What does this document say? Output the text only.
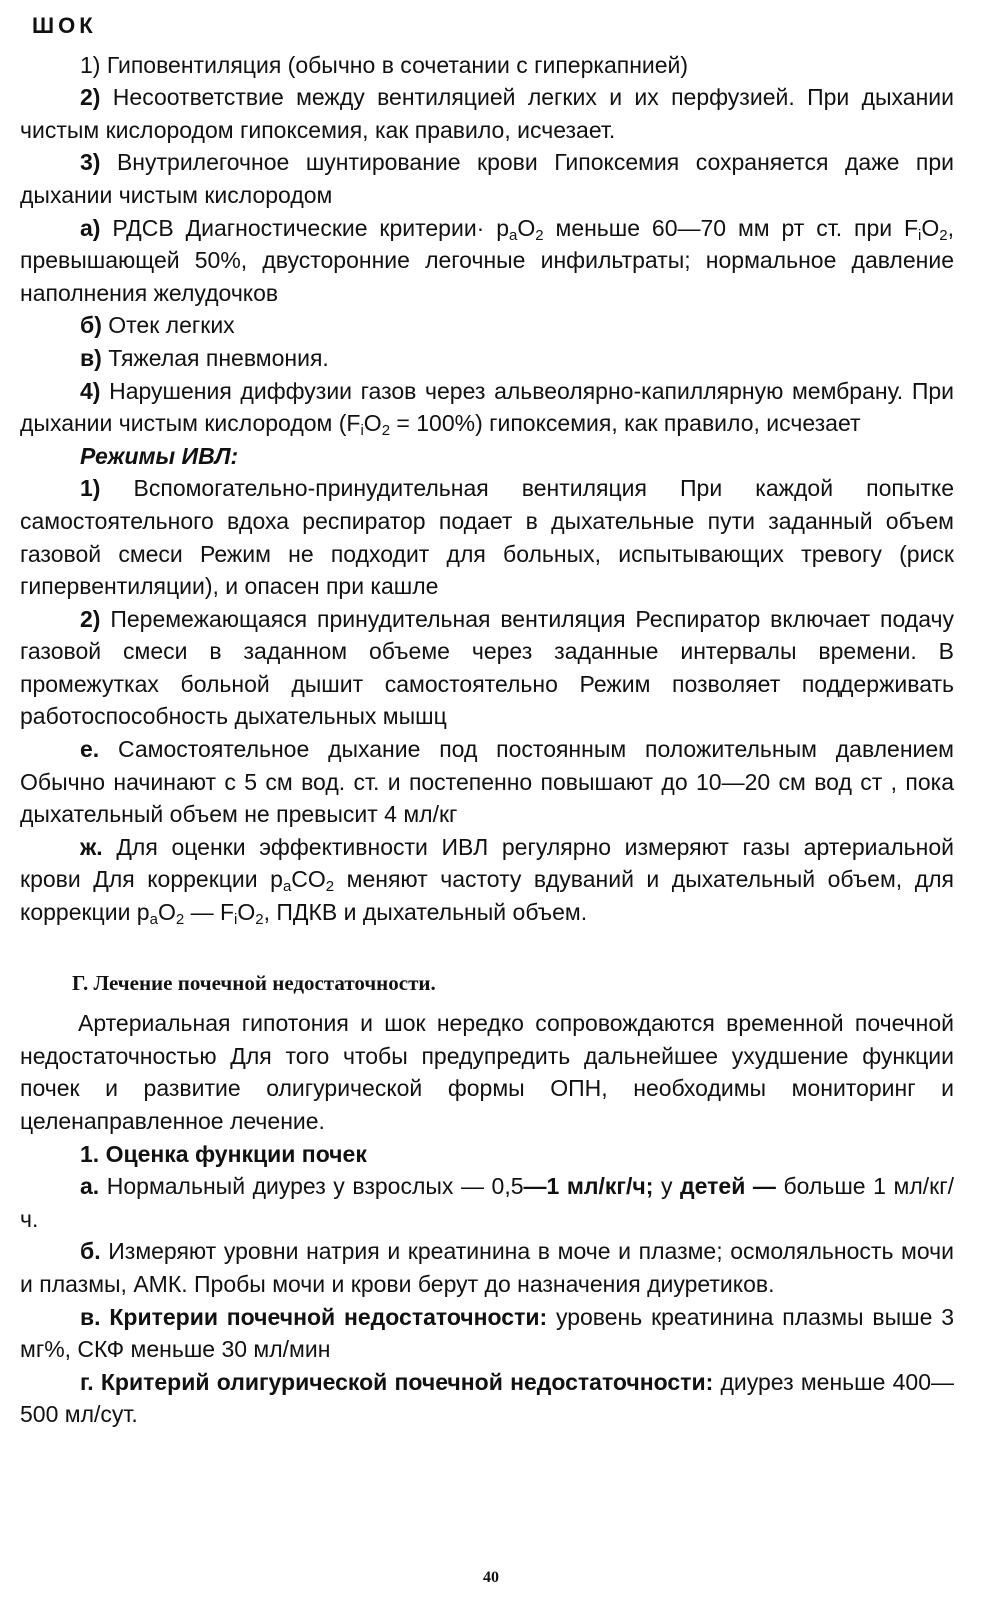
ШОК

1) Гиповентиляция (обычно в сочетании с гиперкапнией)

2) Несоответствие между вентиляцией легких и их перфузией. При дыхании чистым кислородом гипоксемия, как правило, исчезает.

3) Внутрилегочное шунтирование крови Гипоксемия сохраняется даже при дыхании чистым кислородом

а) РДСВ Диагностические критерии· $p_aO_2$ меньше 60—70 мм рт ст. при $F_iO_2$, превышающей 50%, двусторонние легочные инфильтраты; нормальное давление наполнения желудочков

б) Отек легких

в) Тяжелая пневмония.

4) Нарушения диффузии газов через альвеолярно-капиллярную мембрану. При дыхании чистым кислородом $(F_iO_2 = 100\%)$ гипоксемия, как правило, исчезает

Режимы ИВЛ:

1) Вспомогательно-принудительная вентиляция При каждой попытке самостоятельного вдоха респиратор подает в дыхательные пути заданный объем газовой смеси Режим не подходит для больных, испытывающих тревогу (риск гипервентиляции), и опасен при кашле

2) Перемежающаяся принудительная вентиляция Респиратор включает подачу газовой смеси в заданном объеме через заданные интервалы времени. В промежутках больной дышит самостоятельно Режим позволяет поддерживать работоспособность дыхательных мышц

е. Самостоятельное дыхание под постоянным положительным давлением Обычно начинают с 5 см вод. ст. и постепенно повышают до 10—20 см вод ст , пока дыхательный объем не превысит 4 мл/кг

ж. Для оценки эффективности ИВЛ регулярно измеряют газы артериальной крови Для коррекции $p_aCO_2$ меняют частоту вдуваний и дыхательный объем, для коррекции $p_aO_2$ — $F_iO_2$, ПДКВ и дыхательный объем.

Г. Лечение почечной недостаточности.

Артериальная гипотония и шок нередко сопровождаются временной почечной недостаточностью Для того чтобы предупредить дальнейшее ухудшение функции почек и развитие олигурической формы ОПН, необходимы мониторинг и целенаправленное лечение.

1. Оценка функции почек

а. Нормальный диурез у взрослых — 0,5—1 мл/кг/ч; у детей — больше 1 мл/кг/ч.

б. Измеряют уровни натрия и креатинина в моче и плазме; осмоляльность мочи и плазмы, АМК. Пробы мочи и крови берут до назначения диуретиков.

в. Критерии почечной недостаточности: уровень креатинина плазмы выше 3 мг%, СКФ меньше 30 мл/мин

г. Критерий олигурической почечной недостаточности: диурез меньше 400—500 мл/сут.

40
